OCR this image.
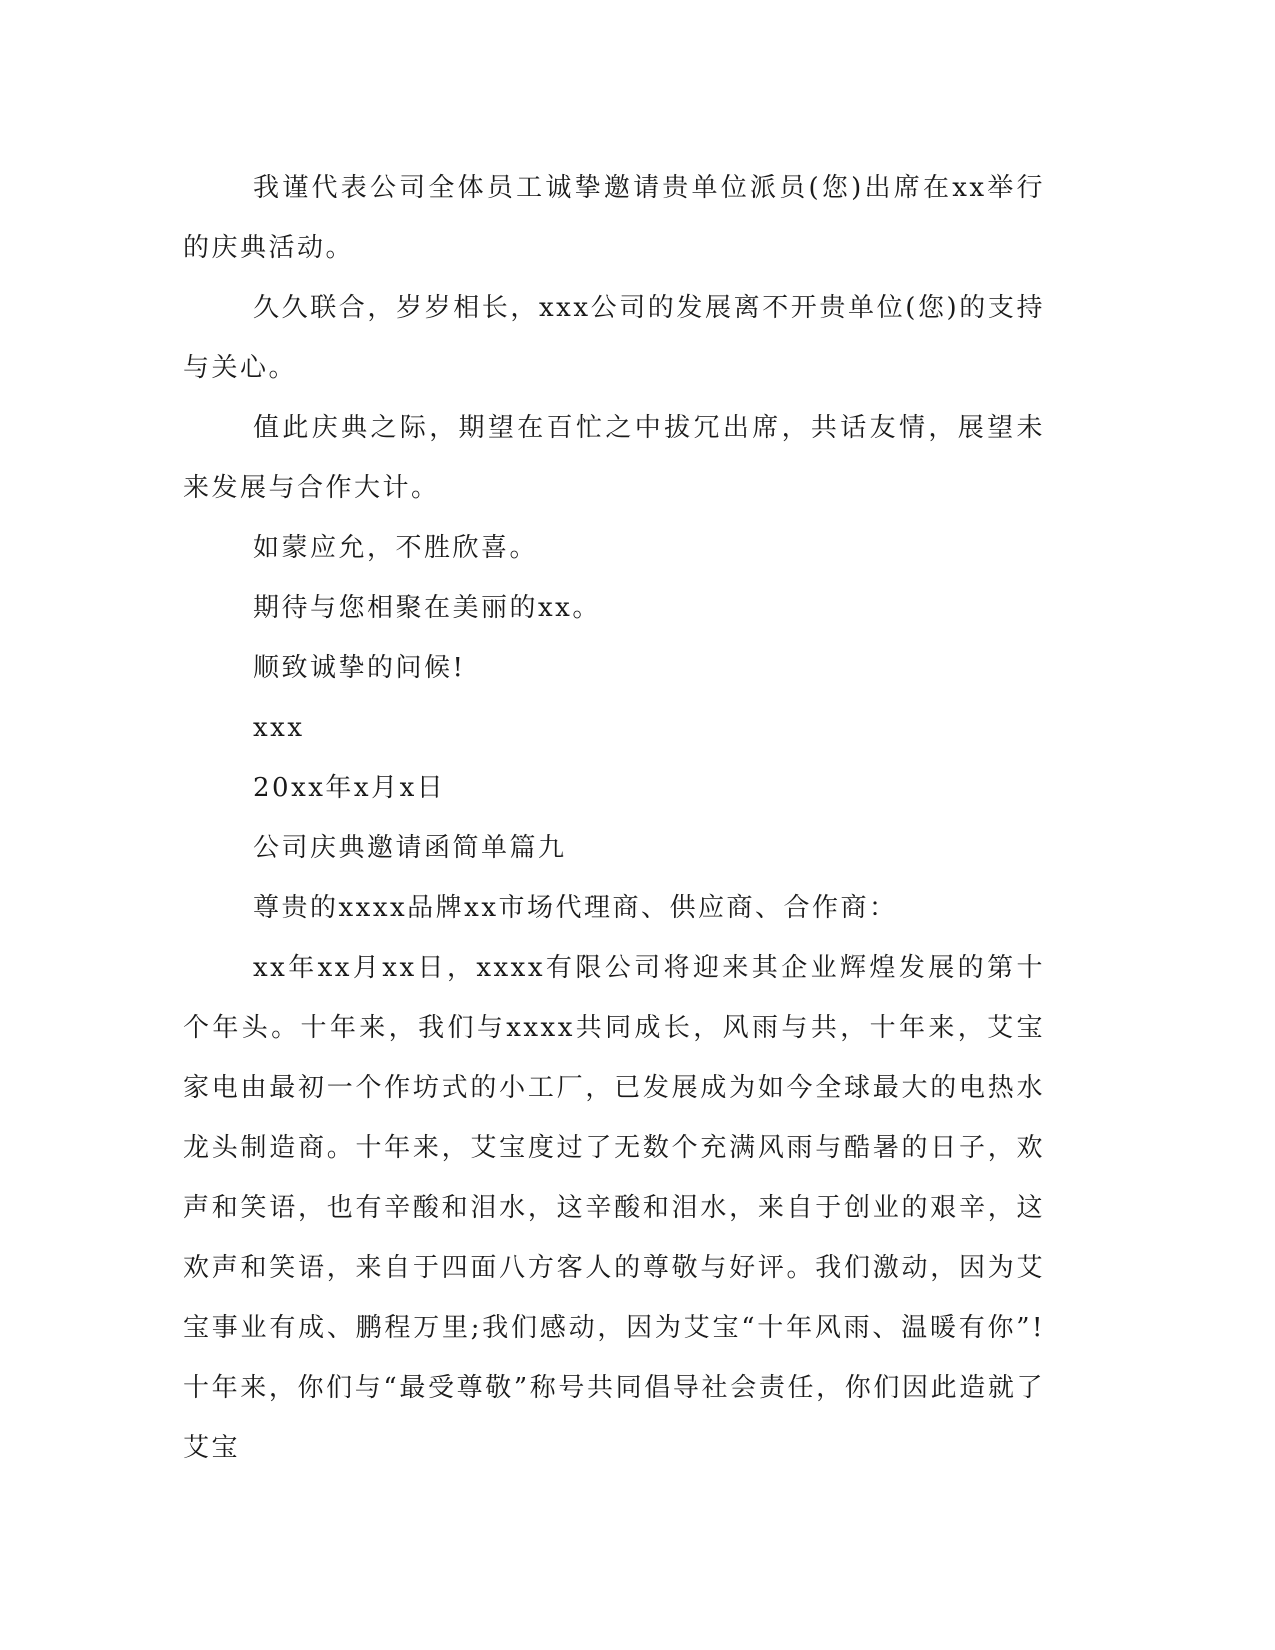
我谨代表公司全体员工诚挚邀请贵单位派员(您)出席在xx举行的庆典活动。

久久联合，岁岁相长，xxx公司的发展离不开贵单位(您)的支持与关心。

值此庆典之际，期望在百忙之中拔冗出席，共话友情，展望未来发展与合作大计。

如蒙应允，不胜欣喜。

期待与您相聚在美丽的xx。

顺致诚挚的问候!

xxx

20xx年x月x日

公司庆典邀请函简单篇九

尊贵的xxxx品牌xx市场代理商、供应商、合作商：

xx年xx月xx日，xxxx有限公司将迎来其企业辉煌发展的第十个年头。十年来，我们与xxxx共同成长，风雨与共，十年来，艾宝家电由最初一个作坊式的小工厂，已发展成为如今全球最大的电热水龙头制造商。十年来，艾宝度过了无数个充满风雨与酷暑的日子，欢声和笑语，也有辛酸和泪水，这辛酸和泪水，来自于创业的艰辛，这欢声和笑语，来自于四面八方客人的尊敬与好评。我们激动，因为艾宝事业有成、鹏程万里;我们感动，因为艾宝“十年风雨、温暖有你”!十年来，你们与“最受尊敬”称号共同倡导社会责任，你们因此造就了艾宝
